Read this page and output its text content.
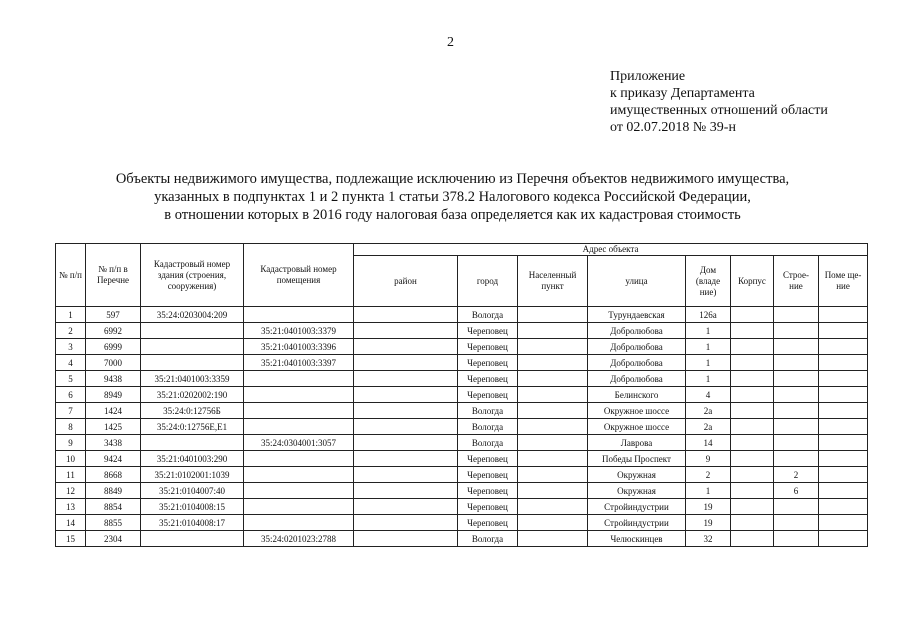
2
Приложение
к приказу Департамента
имущественных отношений области
от 02.07.2018 № 39-н
Объекты недвижимого имущества, подлежащие исключению из Перечня объектов недвижимого имущества,
указанных в подпунктах 1 и 2 пункта 1 статьи 378.2 Налогового кодекса Российской Федерации,
в отношении которых в 2016 году налоговая база определяется как их кадастровая стоимость
№ п/п	№ п/п в Перечне	Кадастровый номер здания (строения, сооружения)	Кадастровый номер помещения	Адрес объекта							
				район	город	Населенный пункт	улица	Дом (владе ние)	Корпус	Строе- ние	Поме ще- ние
1	597	35:24:0203004:209			Вологда		Турундаевская	126а			
2	6992		35:21:0401003:3379		Череповец		Добролюбова	1			
3	6999		35:21:0401003:3396		Череповец		Добролюбова	1			
4	7000		35:21:0401003:3397		Череповец		Добролюбова	1			
5	9438	35:21:0401003:3359			Череповец		Добролюбова	1			
6	8949	35:21:0202002:190			Череповец		Белинского	4			
7	1424	35:24:0:12756Б			Вологда		Окружное шоссе	2а			
8	1425	35:24:0:12756Е,Е1			Вологда		Окружное шоссе	2а			
9	3438		35:24:0304001:3057		Вологда		Лаврова	14			
10	9424	35:21:0401003:290			Череповец		Победы Проспект	9			
11	8668	35:21:0102001:1039			Череповец		Окружная	2		2	
12	8849	35:21:0104007:40			Череповец		Окружная	1		6	
13	8854	35:21:0104008:15			Череповец		Стройиндустрии	19			
14	8855	35:21:0104008:17			Череповец		Стройиндустрии	19			
15	2304		35:24:0201023:2788		Вологда		Челюскинцев	32			
